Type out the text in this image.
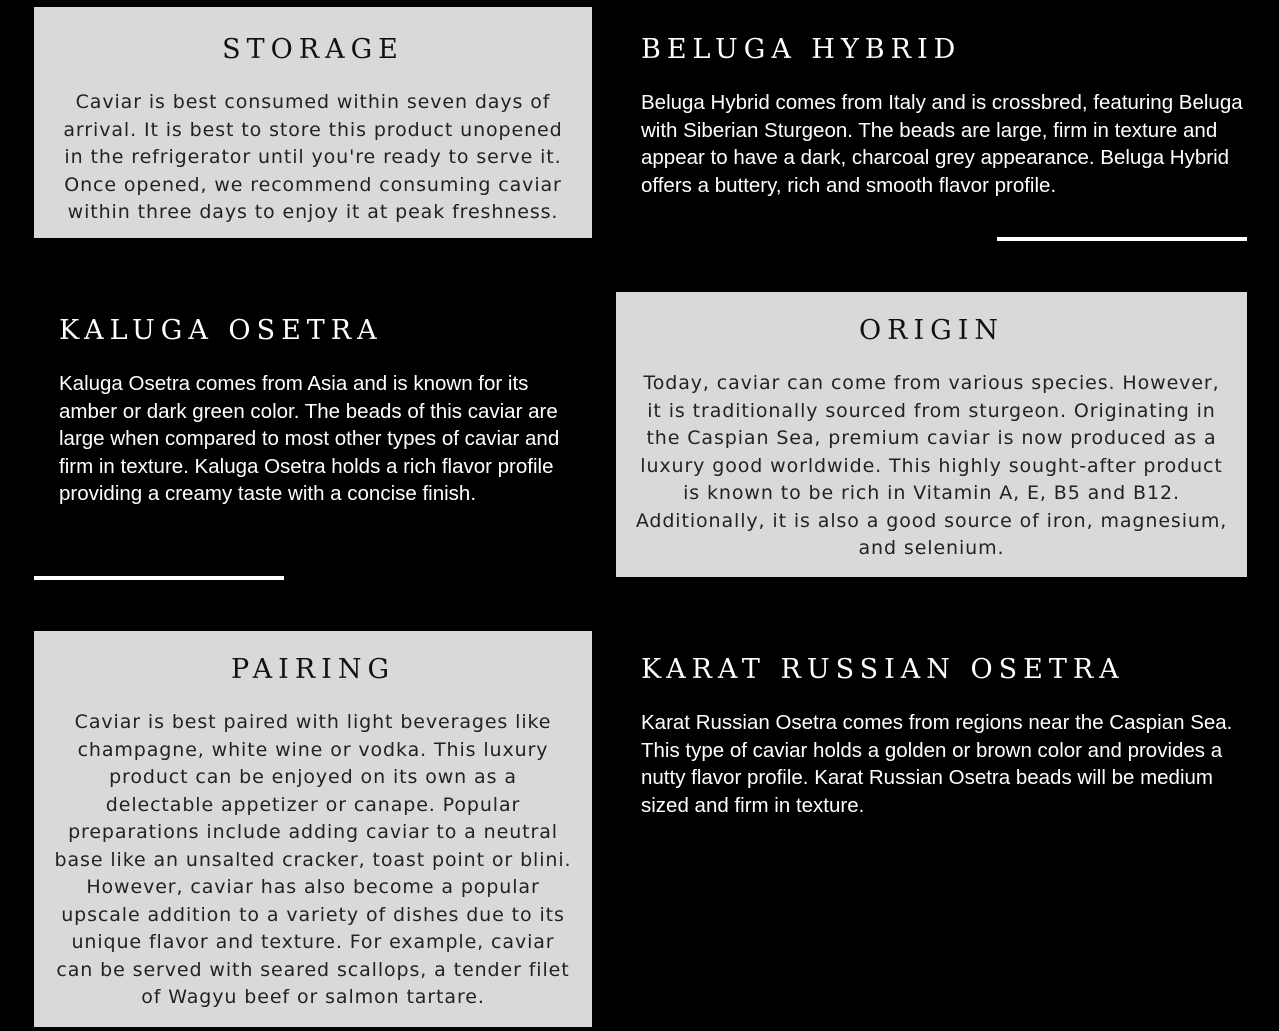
STORAGE

Caviar is best consumed within seven days of arrival. It is best to store this product unopened in the refrigerator until you're ready to serve it. Once opened, we recommend consuming caviar within three days to enjoy it at peak freshness.

BELUGA HYBRID

Beluga Hybrid comes from Italy and is crossbred, featuring Beluga with Siberian Sturgeon. The beads are large, firm in texture and appear to have a dark, charcoal grey appearance. Beluga Hybrid offers a buttery, rich and smooth flavor profile.

KALUGA OSETRA

Kaluga Osetra comes from Asia and is known for its amber or dark green color. The beads of this caviar are large when compared to most other types of caviar and firm in texture. Kaluga Osetra holds a rich flavor profile providing a creamy taste with a concise finish.

ORIGIN

Today, caviar can come from various species. However, it is traditionally sourced from sturgeon. Originating in the Caspian Sea, premium caviar is now produced as a luxury good worldwide. This highly sought-after product is known to be rich in Vitamin A, E, B5 and B12. Additionally, it is also a good source of iron, magnesium, and selenium.

PAIRING

Caviar is best paired with light beverages like champagne, white wine or vodka. This luxury product can be enjoyed on its own as a delectable appetizer or canape. Popular preparations include adding caviar to a neutral base like an unsalted cracker, toast point or blini. However, caviar has also become a popular upscale addition to a variety of dishes due to its unique flavor and texture. For example, caviar can be served with seared scallops, a tender filet of Wagyu beef or salmon tartare.

KARAT RUSSIAN OSETRA

Karat Russian Osetra comes from regions near the Caspian Sea. This type of caviar holds a golden or brown color and provides a nutty flavor profile. Karat Russian Osetra beads will be medium sized and firm in texture.
